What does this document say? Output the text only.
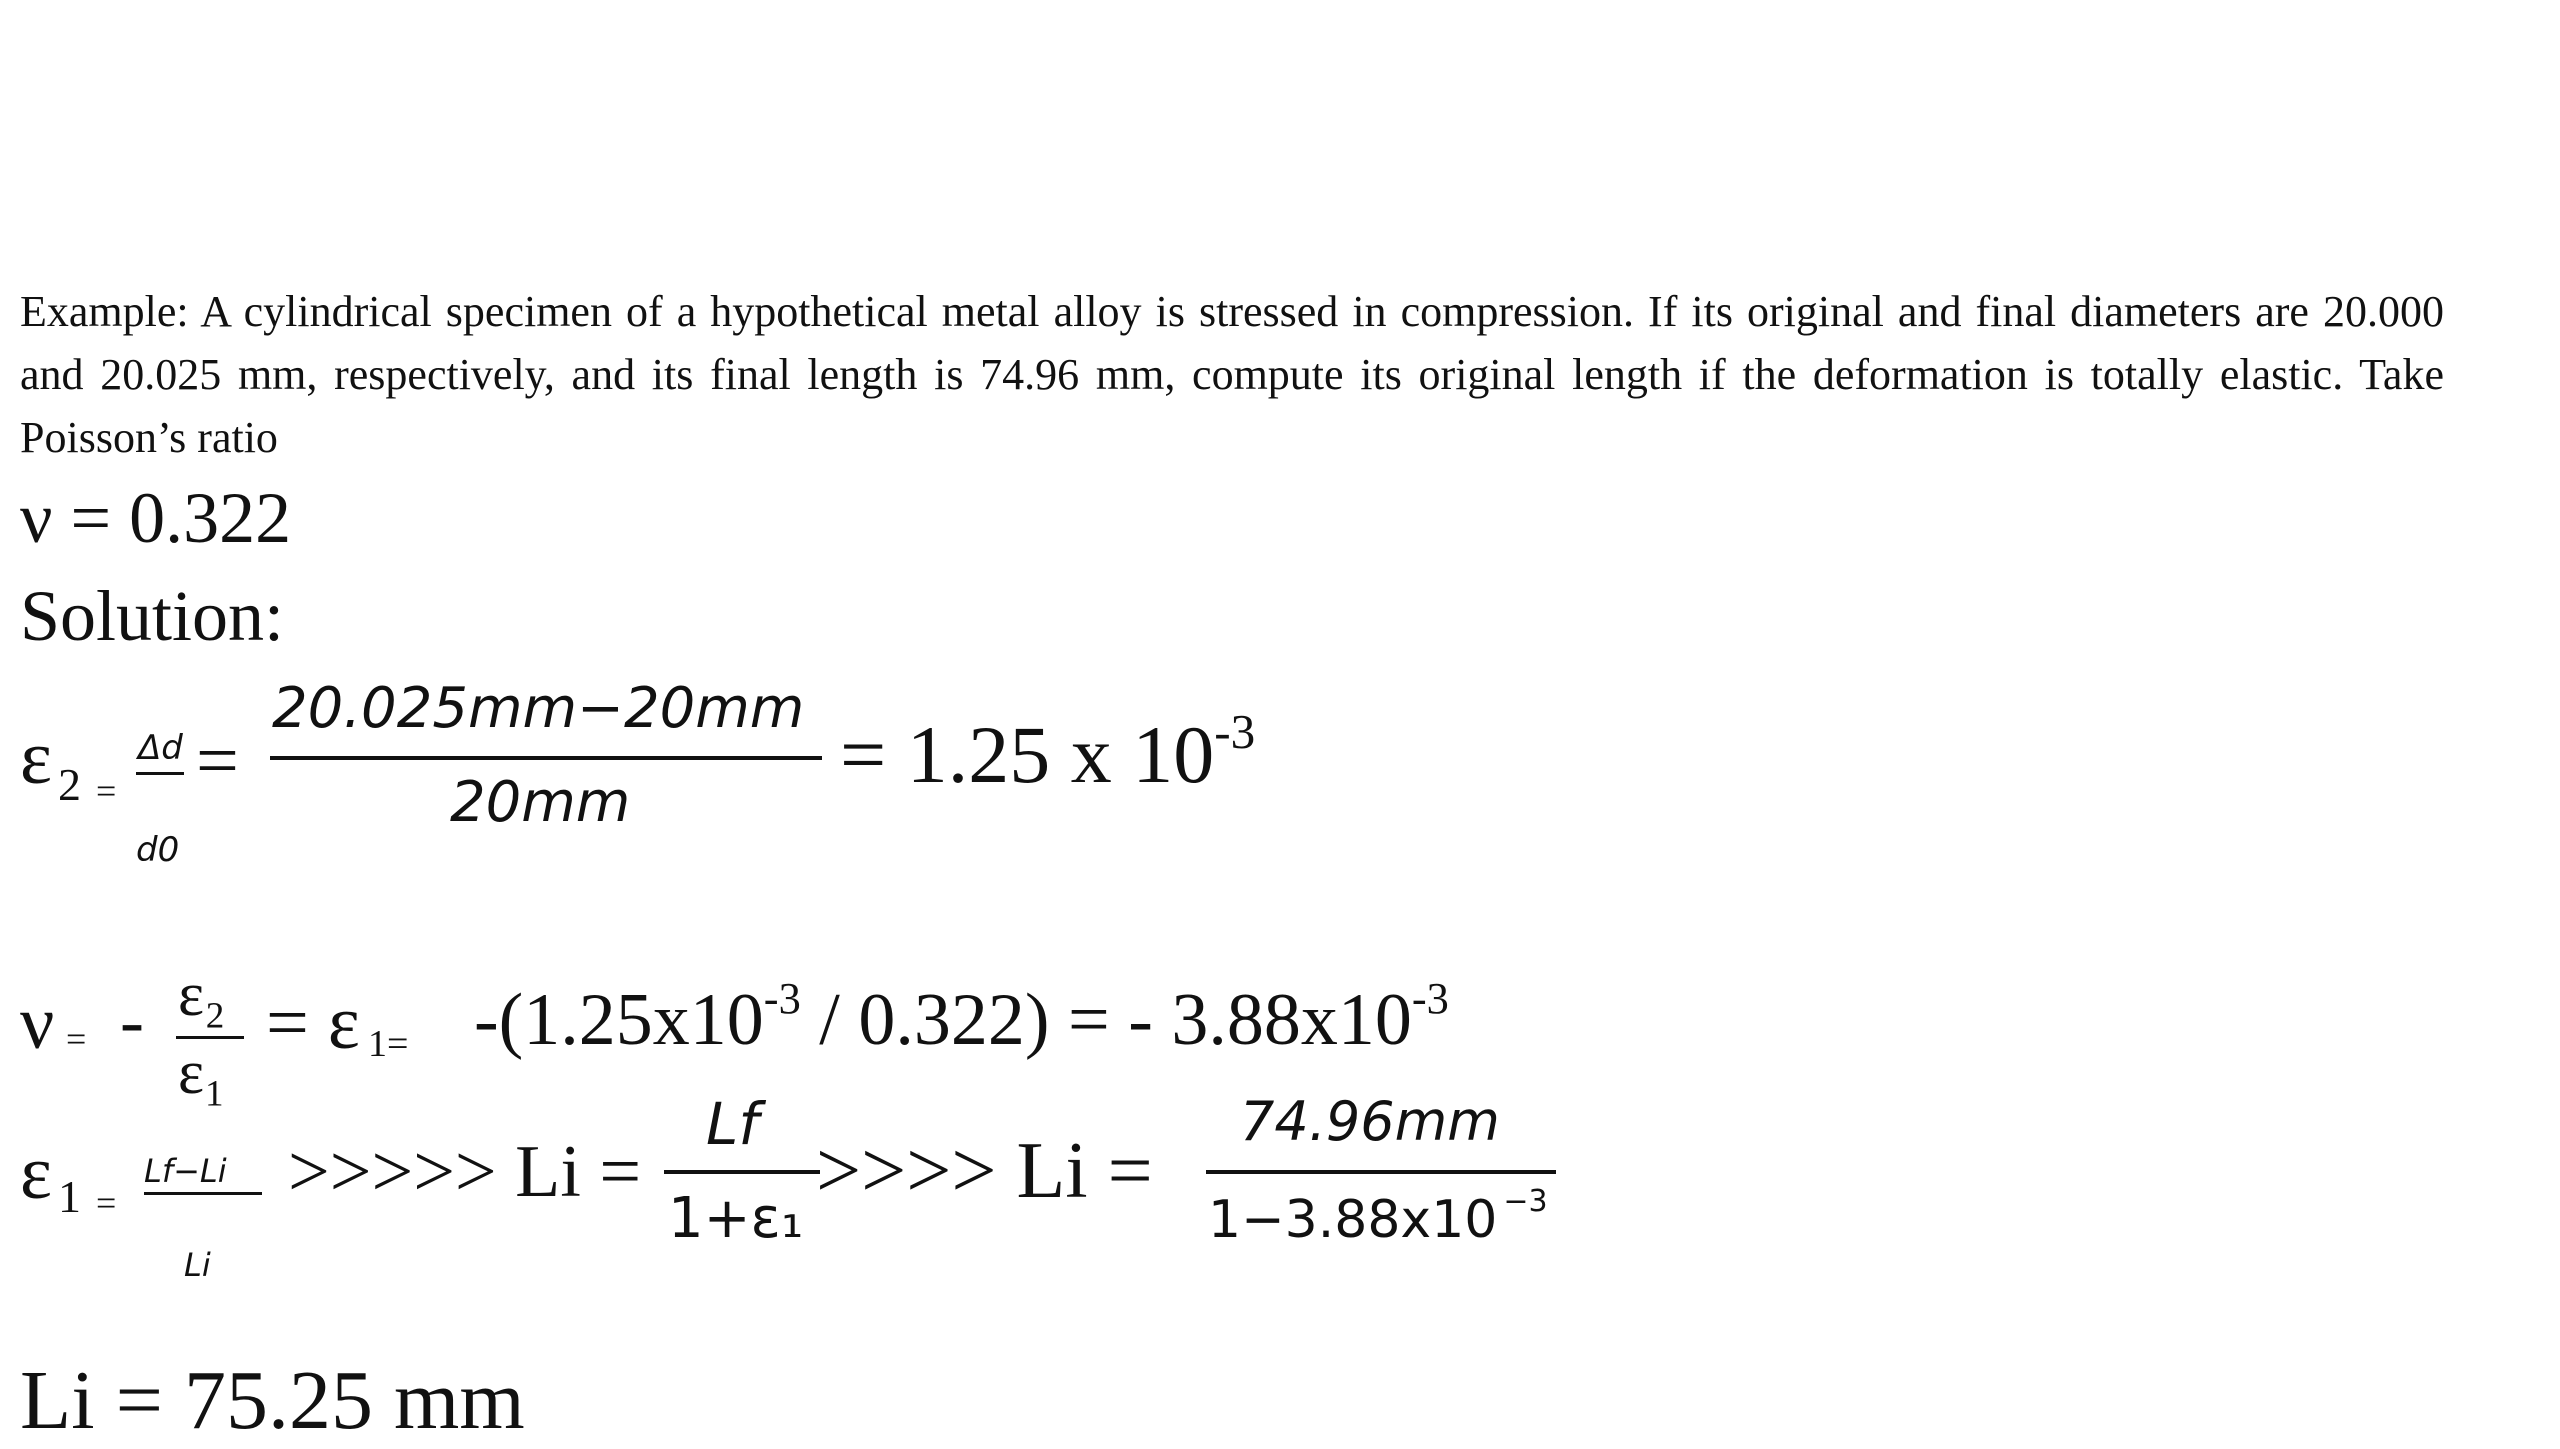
Example: A cylindrical specimen of a hypothetical metal alloy is stressed in compression. If its original and final diameters are 20.000 and 20.025 mm, respectively, and its final length is 74.96 mm, compute its original length if the deformation is totally elastic. Take Poisson’s ratio
ν = 0.322
Solution:
ε 2 =
Δd
d0
=
20.025mm−20mm
20mm
= 1.25 x $10^{-3}$
ν = - ε₂
ε₁
= ε $1= -(1.25x10^{-3} / 0.322)$ = - $3.88x10^{-3}$
ε 1 =
Lf−Li
Li
>>>>> Li =
Lf
1+ε₁
>>>> Li =
74.96mm
1−3.88x10 $^{-3}$
Li = 75.25 mm
